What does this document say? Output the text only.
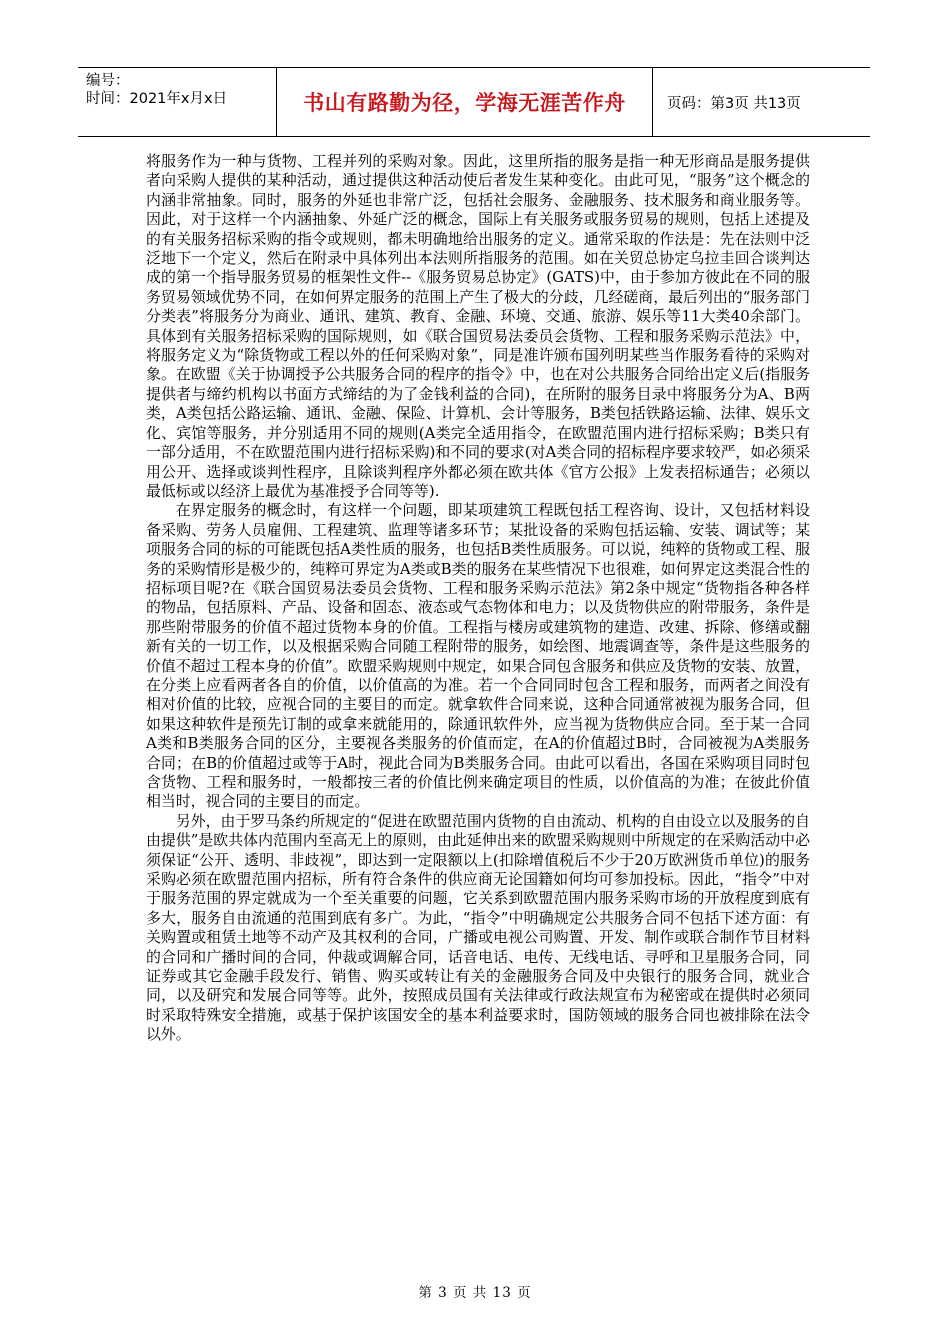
编号：
时间：2021年x月x日	书山有路勤为径，学海无涯苦作舟	页码：第3页 共13页

将服务作为一种与货物、工程并列的采购对象。因此，这里所指的服务是指一种无形商品是服务提供者向采购人提供的某种活动，通过提供这种活动使后者发生某种变化。由此可见，“服务”这个概念的内涵非常抽象。同时，服务的外延也非常广泛，包括社会服务、金融服务、技术服务和商业服务等。因此，对于这样一个内涵抽象、外延广泛的概念，国际上有关服务或服务贸易的规则，包括上述提及的有关服务招标采购的指令或规则，都未明确地给出服务的定义。通常采取的作法是：先在法则中泛泛地下一个定义，然后在附录中具体列出本法则所指服务的范围。如在关贸总协定乌拉圭回合谈判达成的第一个指导服务贸易的框架性文件--《服务贸易总协定》(GATS)中，由于参加方彼此在不同的服务贸易领域优势不同，在如何界定服务的范围上产生了极大的分歧，几经磋商，最后列出的“服务部门分类表”将服务分为商业、通讯、建筑、教育、金融、环境、交通、旅游、娱乐等11大类40余部门。具体到有关服务招标采购的国际规则，如《联合国贸易法委员会货物、工程和服务采购示范法》中，将服务定义为“除货物或工程以外的任何采购对象”，同是准许颁布国列明某些当作服务看待的采购对象。在欧盟《关于协调授予公共服务合同的程序的指令》中，也在对公共服务合同给出定义后(指服务提供者与缔约机构以书面方式缔结的为了金钱利益的合同)，在所附的服务目录中将服务分为A、B两类，A类包括公路运输、通讯、金融、保险、计算机、会计等服务，B类包括铁路运输、法律、娱乐文化、宾馆等服务，并分别适用不同的规则(A类完全适用指令，在欧盟范围内进行招标采购；B类只有一部分适用，不在欧盟范围内进行招标采购)和不同的要求(对A类合同的招标程序要求较严，如必须采用公开、选择或谈判性程序，且除谈判程序外都必须在欧共体《官方公报》上发表招标通告；必须以最低标或以经济上最优为基准授予合同等等).

在界定服务的概念时，有这样一个问题，即某项建筑工程既包括工程咨询、设计，又包括材料设备采购、劳务人员雇佣、工程建筑、监理等诸多环节；某批设备的采购包括运输、安装、调试等；某项服务合同的标的可能既包括A类性质的服务，也包括B类性质服务。可以说，纯粹的货物或工程、服务的采购情形是极少的，纯粹可界定为A类或B类的服务在某些情况下也很难，如何界定这类混合性的招标项目呢?在《联合国贸易法委员会货物、工程和服务采购示范法》第2条中规定“货物指各种各样的物品，包括原料、产品、设备和固态、液态或气态物体和电力；以及货物供应的附带服务，条件是那些附带服务的价值不超过货物本身的价值。工程指与楼房或建筑物的建造、改建、拆除、修缮或翻新有关的一切工作，以及根据采购合同随工程附带的服务，如绘图、地震调查等，条件是这些服务的价值不超过工程本身的价值”。欧盟采购规则中规定，如果合同包含服务和供应及货物的安装、放置，在分类上应看两者各自的价值，以价值高的为准。若一个合同同时包含工程和服务，而两者之间没有相对价值的比较，应视合同的主要目的而定。就拿软件合同来说，这种合同通常被视为服务合同，但如果这种软件是预先订制的或拿来就能用的，除通讯软件外，应当视为货物供应合同。至于某一合同A类和B类服务合同的区分，主要视各类服务的价值而定，在A的价值超过B时，合同被视为A类服务合同；在B的价值超过或等于A时，视此合同为B类服务合同。由此可以看出，各国在采购项目同时包含货物、工程和服务时，一般都按三者的价值比例来确定项目的性质，以价值高的为准；在彼此价值相当时，视合同的主要目的而定。

另外，由于罗马条约所规定的“促进在欧盟范围内货物的自由流动、机构的自由设立以及服务的自由提供”是欧共体内范围内至高无上的原则，由此延伸出来的欧盟采购规则中所规定的在采购活动中必须保证“公开、透明、非歧视”，即达到一定限额以上(扣除增值税后不少于20万欧洲货币单位)的服务采购必须在欧盟范围内招标，所有符合条件的供应商无论国籍如何均可参加投标。因此，“指令”中对于服务范围的界定就成为一个至关重要的问题，它关系到欧盟范围内服务采购市场的开放程度到底有多大，服务自由流通的范围到底有多广。为此，“指令”中明确规定公共服务合同不包括下述方面：有关购置或租赁土地等不动产及其权利的合同，广播或电视公司购置、开发、制作或联合制作节目材料的合同和广播时间的合同，仲裁或调解合同，话音电话、电传、无线电话、寻呼和卫星服务合同，同证券或其它金融手段发行、销售、购买或转让有关的金融服务合同及中央银行的服务合同，就业合同，以及研究和发展合同等等。此外，按照成员国有关法律或行政法规宣布为秘密或在提供时必须同时采取特殊安全措施，或基于保护该国安全的基本利益要求时，国防领域的服务合同也被排除在法令以外。

第 3 页 共 13 页
